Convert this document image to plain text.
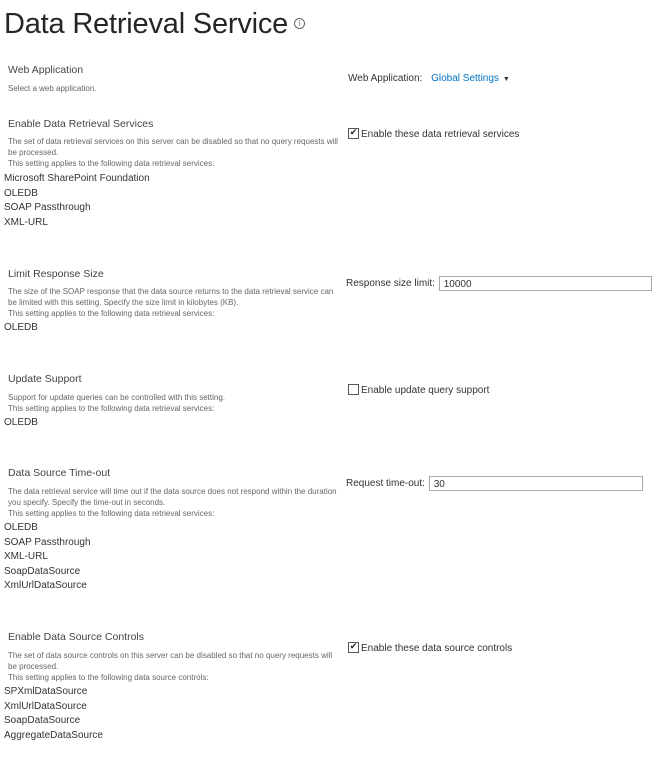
Data Retrieval Service i
Web Application
Select a web application.
Web Application: Global Settings ▼
Enable Data Retrieval Services
The set of data retrieval services on this server can be disabled so that no query requests will be processed.
This setting applies to the following data retrieval services:
Microsoft SharePoint Foundation
OLEDB
SOAP Passthrough
XML-URL
✔ Enable these data retrieval services
Limit Response Size
The size of the SOAP response that the data source returns to the data retrieval service can be limited with this setting. Specify the size limit in kilobytes (KB).
This setting applies to the following data retrieval services:
OLEDB
Response size limit: 10000
Update Support
Support for update queries can be controlled with this setting.
This setting applies to the following data retrieval services:
OLEDB
Enable update query support
Data Source Time-out
The data retrieval service will time out if the data source does not respond within the duration you specify. Specify the time-out in seconds.
This setting applies to the following data retrieval services:
OLEDB
SOAP Passthrough
XML-URL
SoapDataSource
XmlUrlDataSource
Request time-out: 30
Enable Data Source Controls
The set of data source controls on this server can be disabled so that no query requests will be processed.
This setting applies to the following data source controls:
SPXmlDataSource
XmlUrlDataSource
SoapDataSource
AggregateDataSource
✔ Enable these data source controls
